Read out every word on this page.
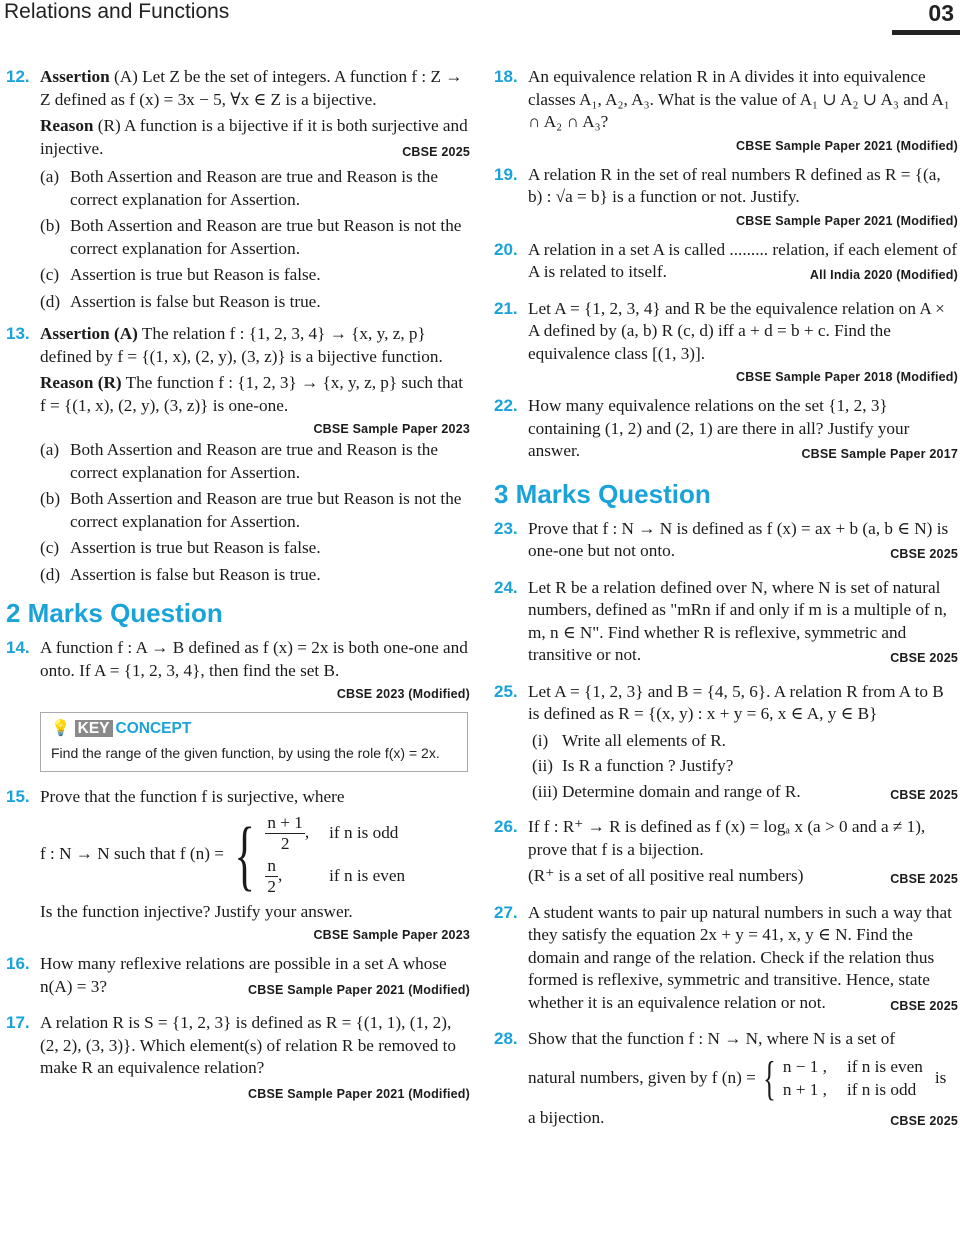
Relations and Functions	03
12. Assertion (A) Let Z be the set of integers. A function f : Z → Z defined as f (x) = 3x − 5, ∀x ∈ Z is a bijective.

Reason (R) A function is a bijective if it is both surjective and injective.	CBSE 2025

(a) Both Assertion and Reason are true and Reason is the correct explanation for Assertion.
(b) Both Assertion and Reason are true but Reason is not the correct explanation for Assertion.
(c) Assertion is true but Reason is false.
(d) Assertion is false but Reason is true.
13. Assertion (A) The relation f : {1, 2, 3, 4} → {x, y, z, p} defined by f = {(1, x), (2, y), (3, z)} is a bijective function.

Reason (R) The function f : {1, 2, 3} → {x, y, z, p} such that f = {(1, x), (2, y), (3, z)} is one-one.

CBSE Sample Paper 2023
(a) Both Assertion and Reason are true and Reason is the correct explanation for Assertion.
(b) Both Assertion and Reason are true but Reason is not the correct explanation for Assertion.
(c) Assertion is true but Reason is false.
(d) Assertion is false but Reason is true.
2 Marks Question
14. A function f : A → B defined as f (x) = 2x is both one-one and onto. If A = {1, 2, 3, 4}, then find the set B.

CBSE 2023 (Modified)
💡 KEY CONCEPT
Find the range of the given function, by using the role f(x) = 2x.
15. Prove that the function f is surjective, where

f : N → N such that f (n) = { $\frac{n + 1}{2}$ , if n is odd
$\frac{n}{2}$ ,	if n is even

Is the function injective? Justify your answer.

CBSE Sample Paper 2023
16. How many reflexive relations are possible in a set A whose n(A) = 3?	CBSE Sample Paper 2021 (Modified)

17. A relation R is S = {1, 2, 3} is defined as R = {(1, 1), (1, 2), (2, 2), (3, 3)}. Which element(s) of relation R be removed to make R an equivalence relation?
CBSE Sample Paper 2021 (Modified)

18. An equivalence relation R in A divides it into equivalence classes A₁, A₂, A₃. What is the value of A₁ ∪ A₂ ∪ A₃ and A₁ ∩ A₂ ∩ A₃?

CBSE Sample Paper 2021 (Modified)
19. A relation R in the set of real numbers R defined as R = {(a, b) : √a = b} is a function or not. Justify.

CBSE Sample Paper 2021 (Modified)
20. A relation in a set A is called ......... relation, if each element of A is related to itself.	All India 2020 (Modified)

21. Let A = {1, 2, 3, 4} and R be the equivalence relation on A × A defined by (a, b) R (c, d) iff a + d = b + c. Find the equivalence class [(1, 3)].

CBSE Sample Paper 2018 (Modified)
22. How many equivalence relations on the set {1, 2, 3} containing (1, 2) and (2, 1) are there in all? Justify your answer.	CBSE Sample Paper 2017

3 Marks Question
23. Prove that f : N → N is defined as f (x) = ax + b (a, b ∈ N) is one-one but not onto.	CBSE 2025

24. Let R be a relation defined over N, where N is set of natural numbers, defined as "mRn if and only if m is a multiple of n, m, n ∈ N". Find whether R is reflexive, symmetric and transitive or not.	CBSE 2025

25. Let A = {1, 2, 3} and B = {4, 5, 6}. A relation R from A to B is defined as R = {(x, y) : x + y = 6, x ∈ A, y ∈ B}

(i) Write all elements of R.
(ii) Is R a function ? Justify?
(iii) Determine domain and range of R.	CBSE 2025
26. If f : R⁺ → R is defined as f (x) = logₐ x (a > 0 and a ≠ 1), prove that f is a bijection.

(R⁺ is a set of all positive real numbers)	CBSE 2025

27. A student wants to pair up natural numbers in such a way that they satisfy the equation 2x + y = 41, x, y ∈ N. Find the domain and range of the relation. Check if the relation thus formed is reflexive, symmetric and transitive. Hence, state whether it is an equivalence relation or not.	CBSE 2025

28. Show that the function f : N → N, where N is a set of

natural numbers, given by f (n) = { n − 1 , if n is even
n + 1 , if n is odd
is

a bijection.	CBSE 2025
